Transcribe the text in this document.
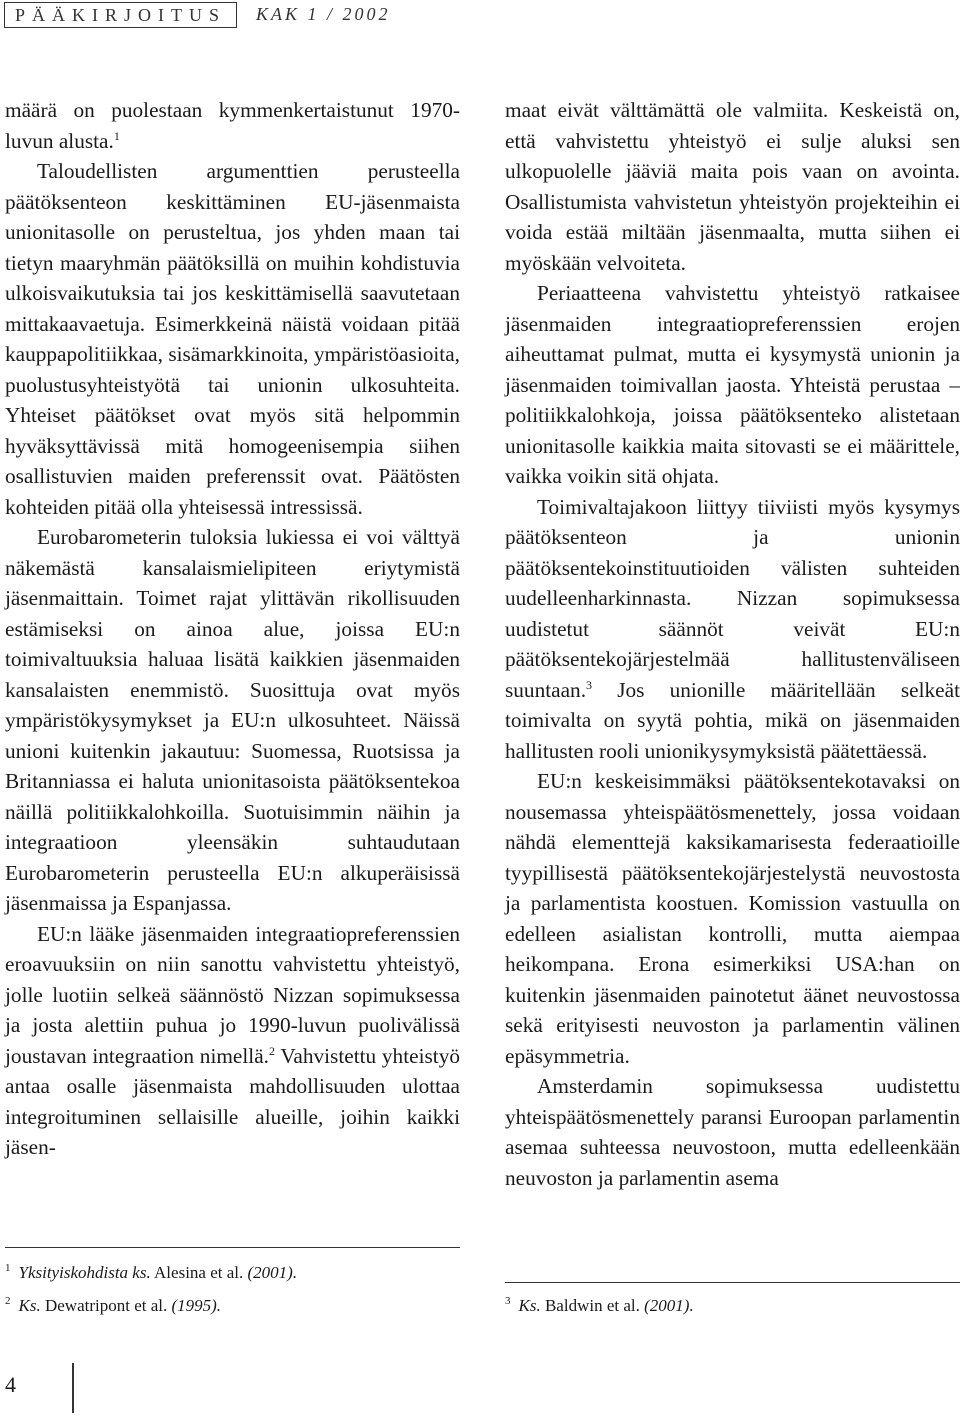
PÄÄKIRJOITUS KAK 1 / 2002

määrä on puolestaan kymmenkertaistunut 1970-luvun alusta.$^1$

Taloudellisten argumenttien perusteella päätöksenteon keskittäminen EU-jäsenmaista unionitasolle on perusteltua, jos yhden maan tai tietyn maaryhmän päätöksillä on muihin kohdistuvia ulkoisvaikutuksia tai jos keskittämisellä saavutetaan mittakaavaetuja. Esimerkkeinä näistä voidaan pitää kauppapolitiikkaa, sisämarkkinoita, ympäristöasioita, puolustusyhteistyötä tai unionin ulkosuhteita. Yhteiset päätökset ovat myös sitä helpommin hyväksyttävissä mitä homogeenisempia siihen osallistuvien maiden preferenssit ovat. Päätösten kohteiden pitää olla yhteisessä intressissä.

Eurobarometerin tuloksia lukiessa ei voi välttyä näkemästä kansalaismielipiteen eriytymistä jäsenmaittain. Toimet rajat ylittävän rikollisuuden estämiseksi on ainoa alue, joissa EU:n toimivaltuuksia haluaa lisätä kaikkien jäsenmaiden kansalaisten enemmistö. Suosittuja ovat myös ympäristökysymykset ja EU:n ulkosuhteet. Näissä unioni kuitenkin jakautuu: Suomessa, Ruotsissa ja Britanniassa ei haluta unionitasoista päätöksentekoa näillä politiikkalohkoilla. Suotuisimmin näihin ja integraatioon yleensäkin suhtaudutaan Eurobarometerin perusteella EU:n alkuperäisissä jäsenmaissa ja Espanjassa.

EU:n lääke jäsenmaiden integraatiopreferenssien eroavuuksiin on niin sanottu vahvistettu yhteistyö, jolle luotiin selkeä säännöstö Nizzan sopimuksessa ja josta alettiin puhua jo 1990-luvun puolivälissä joustavan integraation nimellä.$^2$ Vahvistettu yhteistyö antaa osalle jäsenmaista mahdollisuuden ulottaa integroituminen sellaisille alueille, joihin kaikki jäsen-

maat eivät välttämättä ole valmiita. Keskeistä on, että vahvistettu yhteistyö ei sulje aluksi sen ulkopuolelle jääviä maita pois vaan on avointa. Osallistumista vahvistetun yhteistyön projekteihin ei voida estää miltään jäsenmaalta, mutta siihen ei myöskään velvoiteta.

Periaatteena vahvistettu yhteistyö ratkaisee jäsenmaiden integraatiopreferenssien erojen aiheuttamat pulmat, mutta ei kysymystä unionin ja jäsenmaiden toimivallan jaosta. Yhteistä perustaa – politiikkalohkoja, joissa päätöksenteko alistetaan unionitasolle kaikkia maita sitovasti se ei määrittele, vaikka voikin sitä ohjata.

Toimivaltajakoon liittyy tiiviisti myös kysymys päätöksenteon ja unionin päätöksentekoinstituutioiden välisten suhteiden uudelleenharkinnasta. Nizzan sopimuksessa uudistetut säännöt veivät EU:n päätöksentekojärjestelmää hallitustenväliseen suuntaan.$^3$ Jos unionille määritellään selkeät toimivalta on syytä pohtia, mikä on jäsenmaiden hallitusten rooli unionikysymyksistä päätettäessä.

EU:n keskeisimmäksi päätöksentekotavaksi on nousemassa yhteispäätösmenettely, jossa voidaan nähdä elementtejä kaksikamarisesta federaatioille tyypillisestä päätöksentekojärjestelystä neuvostosta ja parlamentista koostuen. Komission vastuulla on edelleen asialistan kontrolli, mutta aiempaa heikompana. Erona esimerkiksi USA:han on kuitenkin jäsenmaiden painotetut äänet neuvostossa sekä erityisesti neuvoston ja parlamentin välinen epäsymmetria.

Amsterdamin sopimuksessa uudistettu yhteispäätösmenettely paransi Euroopan parlamentin asemaa suhteessa neuvostoon, mutta edelleenkään neuvoston ja parlamentin asema

$^1$ Yksityiskohdista ks. Alesina et al. (2001).
$^2$ Ks. Dewatripont et al. (1995).	$^3$ Ks. Baldwin et al. (2001).
4
